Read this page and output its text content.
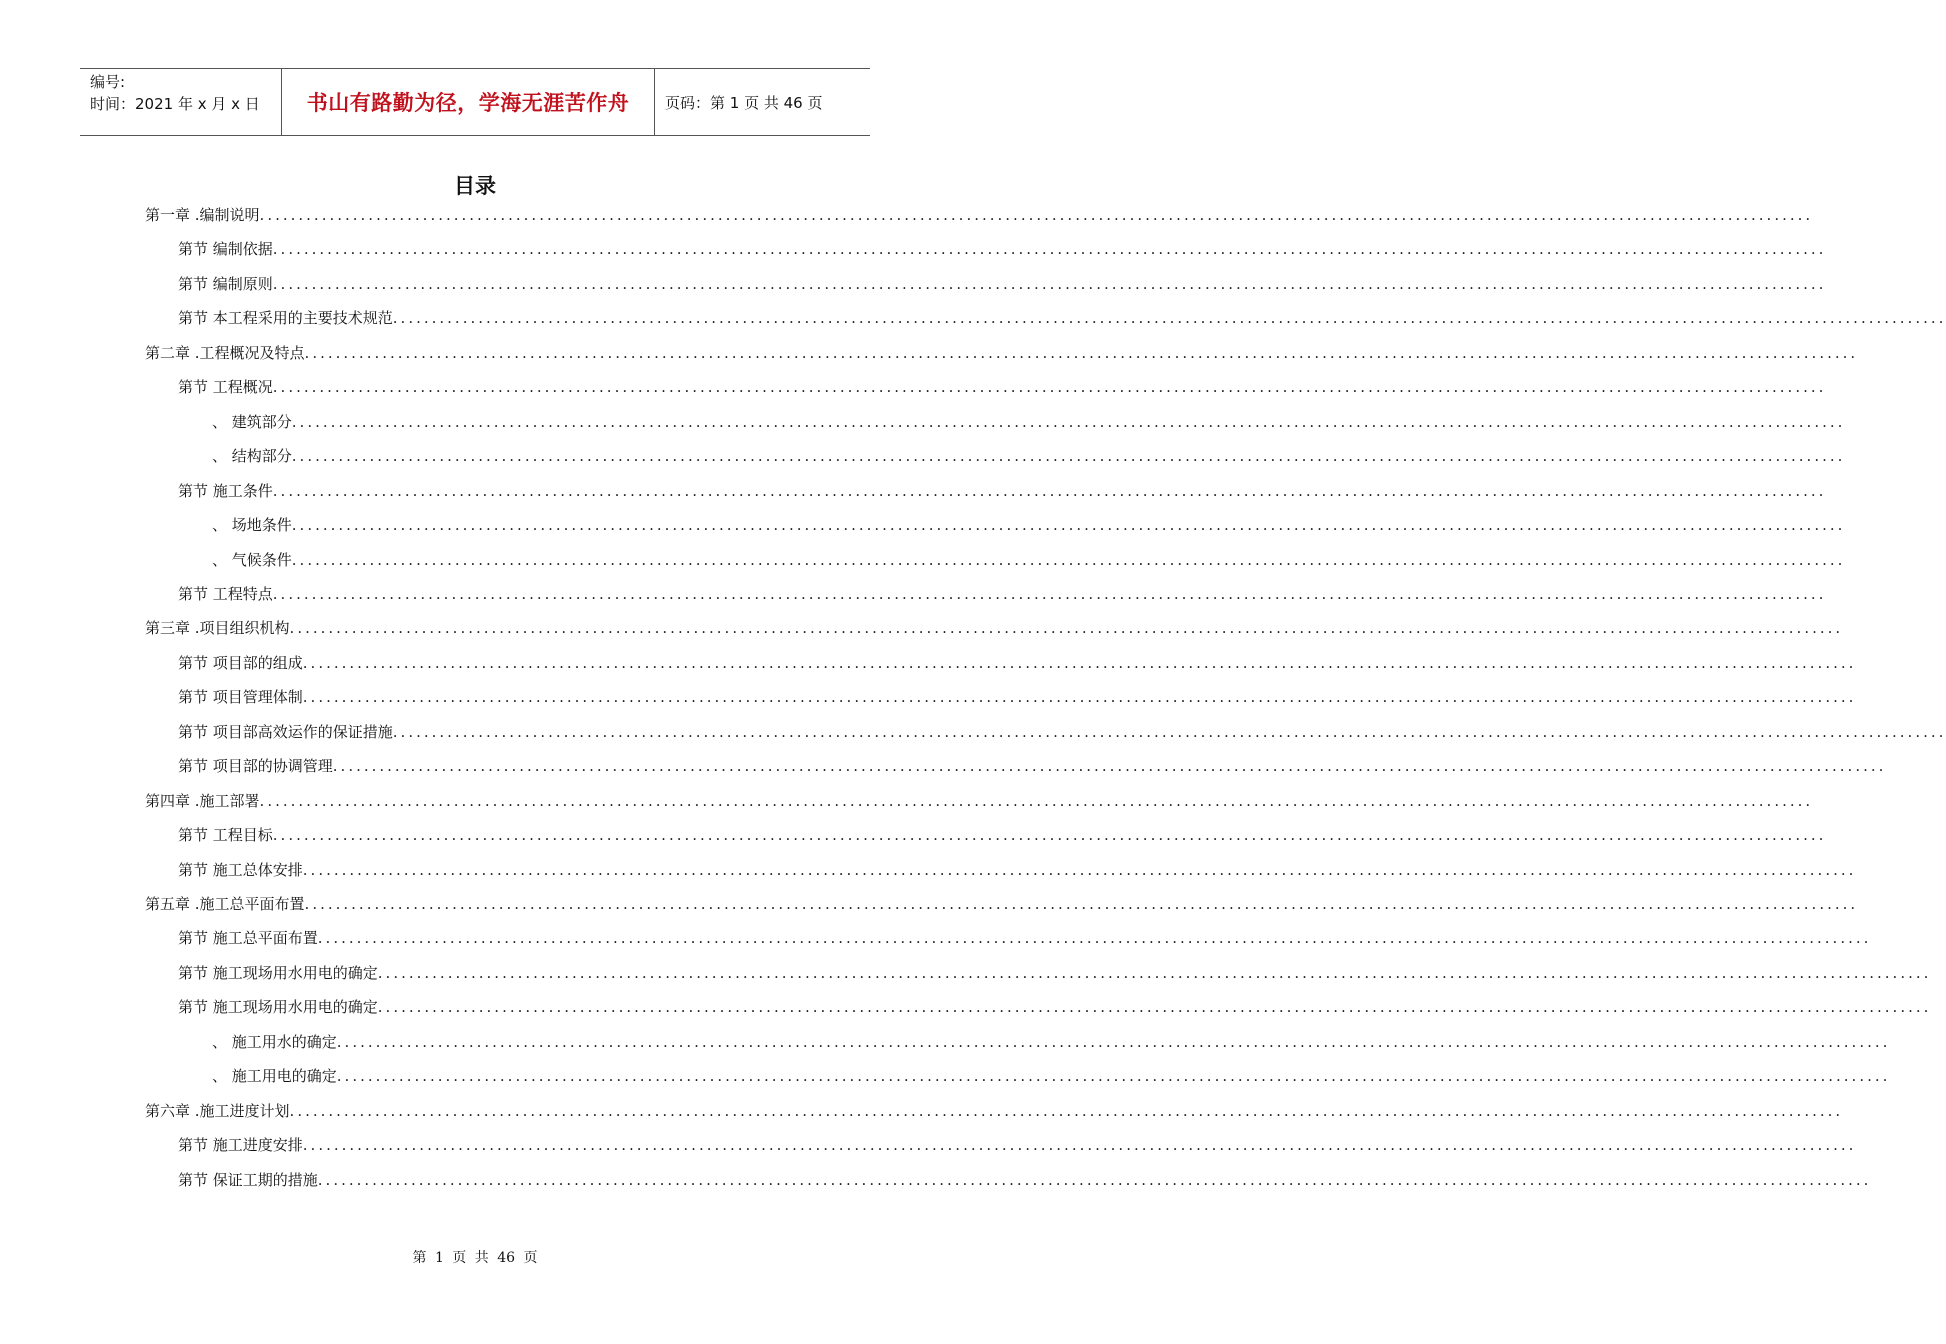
编号:
时间：2021 年 x 月 x 日	书山有路勤为径，学海无涯苦作舟	页码：第 1 页 共 46 页
目录
第一章 .编制说明 ........................................................................................................................................................................................................
第节 编制依据 ........................................................................................................................................................................................................
第节 编制原则 ........................................................................................................................................................................................................
第节 本工程采用的主要技术规范 ........................................................................................................................................................................................................
第二章 .工程概况及特点 ........................................................................................................................................................................................................
第节 工程概况 ........................................................................................................................................................................................................
、 建筑部分 ........................................................................................................................................................................................................
、 结构部分 ........................................................................................................................................................................................................
第节 施工条件 ........................................................................................................................................................................................................
、 场地条件 ........................................................................................................................................................................................................
、 气候条件 ........................................................................................................................................................................................................
第节 工程特点 ........................................................................................................................................................................................................
第三章 .项目组织机构 ........................................................................................................................................................................................................
第节 项目部的组成 ........................................................................................................................................................................................................
第节 项目管理体制 ........................................................................................................................................................................................................
第节 项目部高效运作的保证措施 ........................................................................................................................................................................................................
第节 项目部的协调管理 ........................................................................................................................................................................................................
第四章 .施工部署 ........................................................................................................................................................................................................
第节 工程目标 ........................................................................................................................................................................................................
第节 施工总体安排 ........................................................................................................................................................................................................
第五章 .施工总平面布置 ........................................................................................................................................................................................................
第节 施工总平面布置 ........................................................................................................................................................................................................
第节 施工现场用水用电的确定 ........................................................................................................................................................................................................
第节 施工现场用水用电的确定 ........................................................................................................................................................................................................
、 施工用水的确定 ........................................................................................................................................................................................................
、 施工用电的确定 ........................................................................................................................................................................................................
第六章 .施工进度计划 ........................................................................................................................................................................................................
第节 施工进度安排 ........................................................................................................................................................................................................
第节 保证工期的措施 ........................................................................................................................................................................................................
第 1 页 共 46 页
